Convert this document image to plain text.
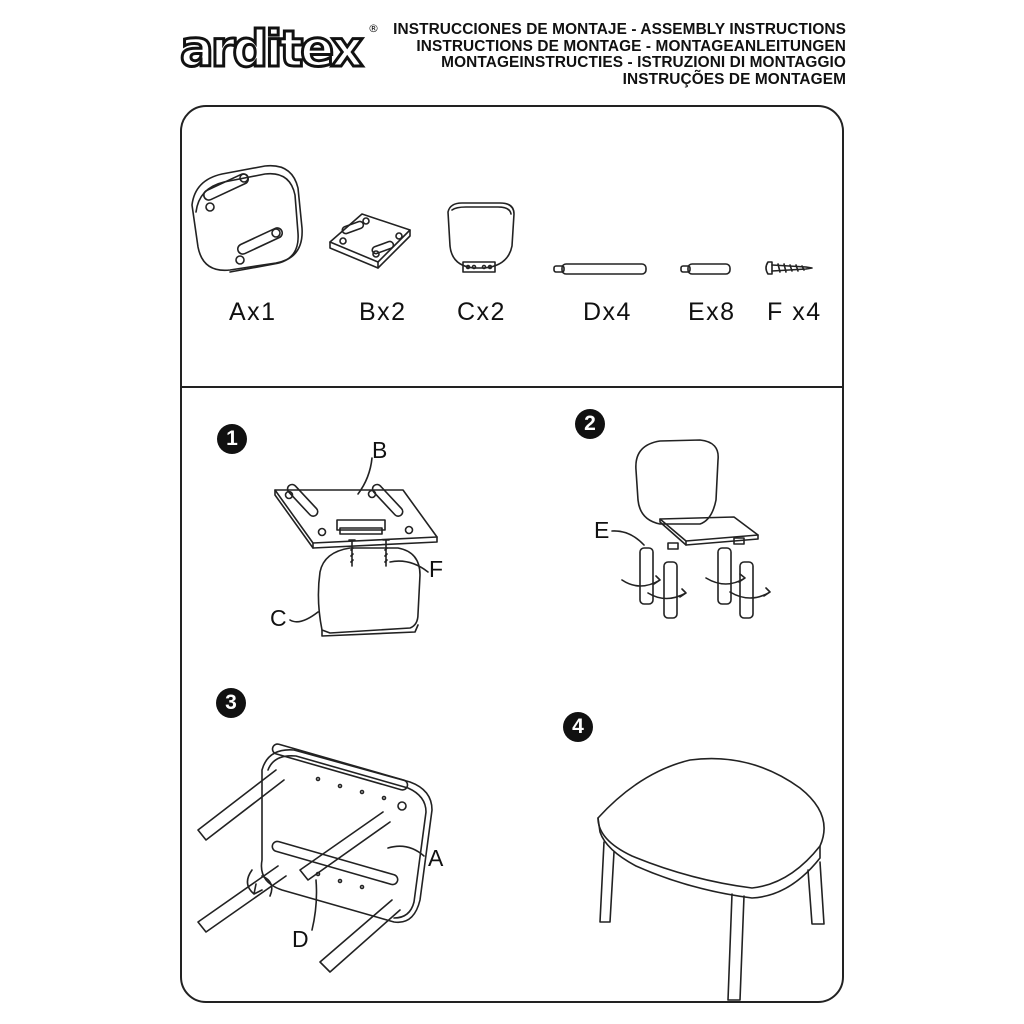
arditex ® INSTRUCCIONES DE MONTAJE - ASSEMBLY INSTRUCTIONS
INSTRUCTIONS DE MONTAGE - MONTAGEANLEITUNGEN
MONTAGEINSTRUCTIES - ISTRUZIONI DI MONTAGGIO
INSTRUÇÕES DE MONTAGEM
Ax1	Bx2 Cx2	Dx4 Ex8 F x4
1
2
3
4
B
F
C
E
A
D
